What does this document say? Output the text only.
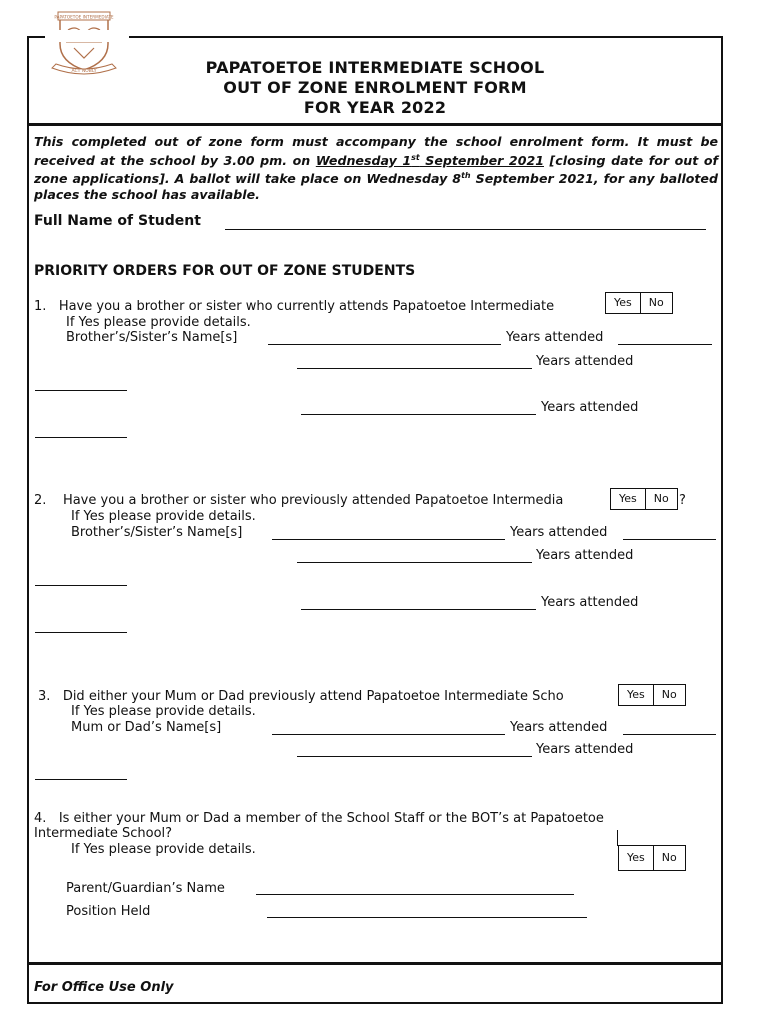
PAPATOETOE INTERMEDIATE
ACT NOBLY	PAPATOETOE INTERMEDIATE SCHOOL
OUT OF ZONE ENROLMENT FORM
FOR YEAR 2022
This completed out of zone form must accompany the school enrolment form. It must be received at the school by 3.00 pm. on Wednesday 1st September 2021 [closing date for out of zone applications]. A ballot will take place on Wednesday 8th September 2021, for any balloted places the school has available.
Full Name of Student
PRIORITY ORDERS FOR OUT OF ZONE STUDENTS
1. Have you a brother or sister who currently attends Papatoetoe Intermediate	Yes	No
If Yes please provide details.
Brother’s/Sister’s Name[s]	Years attended
Years attended
Years attended
2. Have you a brother or sister who previously attended Papatoetoe Intermedia	Yes	No ?
If Yes please provide details.
Brother’s/Sister’s Name[s]	Years attended
Years attended
Years attended
3. Did either your Mum or Dad previously attend Papatoetoe Intermediate Scho	Yes	No
If Yes please provide details.
Mum or Dad’s Name[s]	Years attended
Years attended
4. Is either your Mum or Dad a member of the School Staff or the BOT’s at Papatoetoe
Intermediate School?
If Yes please provide details.
Yes	No
Parent/Guardian’s Name
Position Held
For Office Use Only
